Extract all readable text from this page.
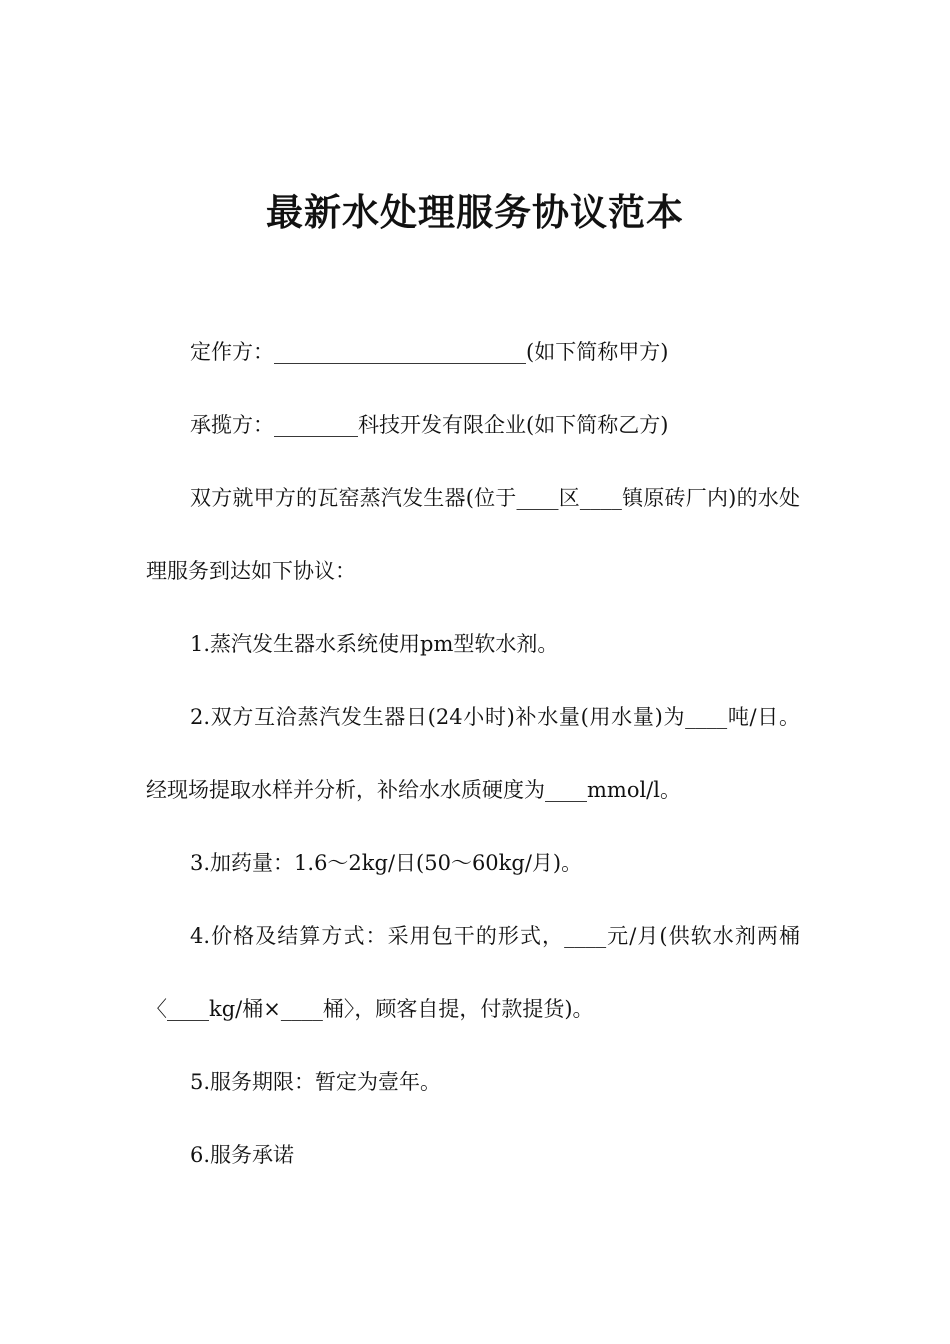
最新水处理服务协议范本

定作方：________________________(如下简称甲方)

承揽方：________科技开发有限企业(如下简称乙方)

双方就甲方的瓦窑蒸汽发生器(位于____区____镇原砖厂内)的水处理服务到达如下协议：

1.蒸汽发生器水系统使用pm型软水剂。

2.双方互洽蒸汽发生器日(24小时)补水量(用水量)为____吨/日。经现场提取水样并分析，补给水水质硬度为____mmol/l。

3.加药量：1.6～2kg/日(50～60kg/月)。

4.价格及结算方式：采用包干的形式，____元/月(供软水剂两桶〈____kg/桶×____桶〉，顾客自提，付款提货)。

5.服务期限：暂定为壹年。

6.服务承诺
